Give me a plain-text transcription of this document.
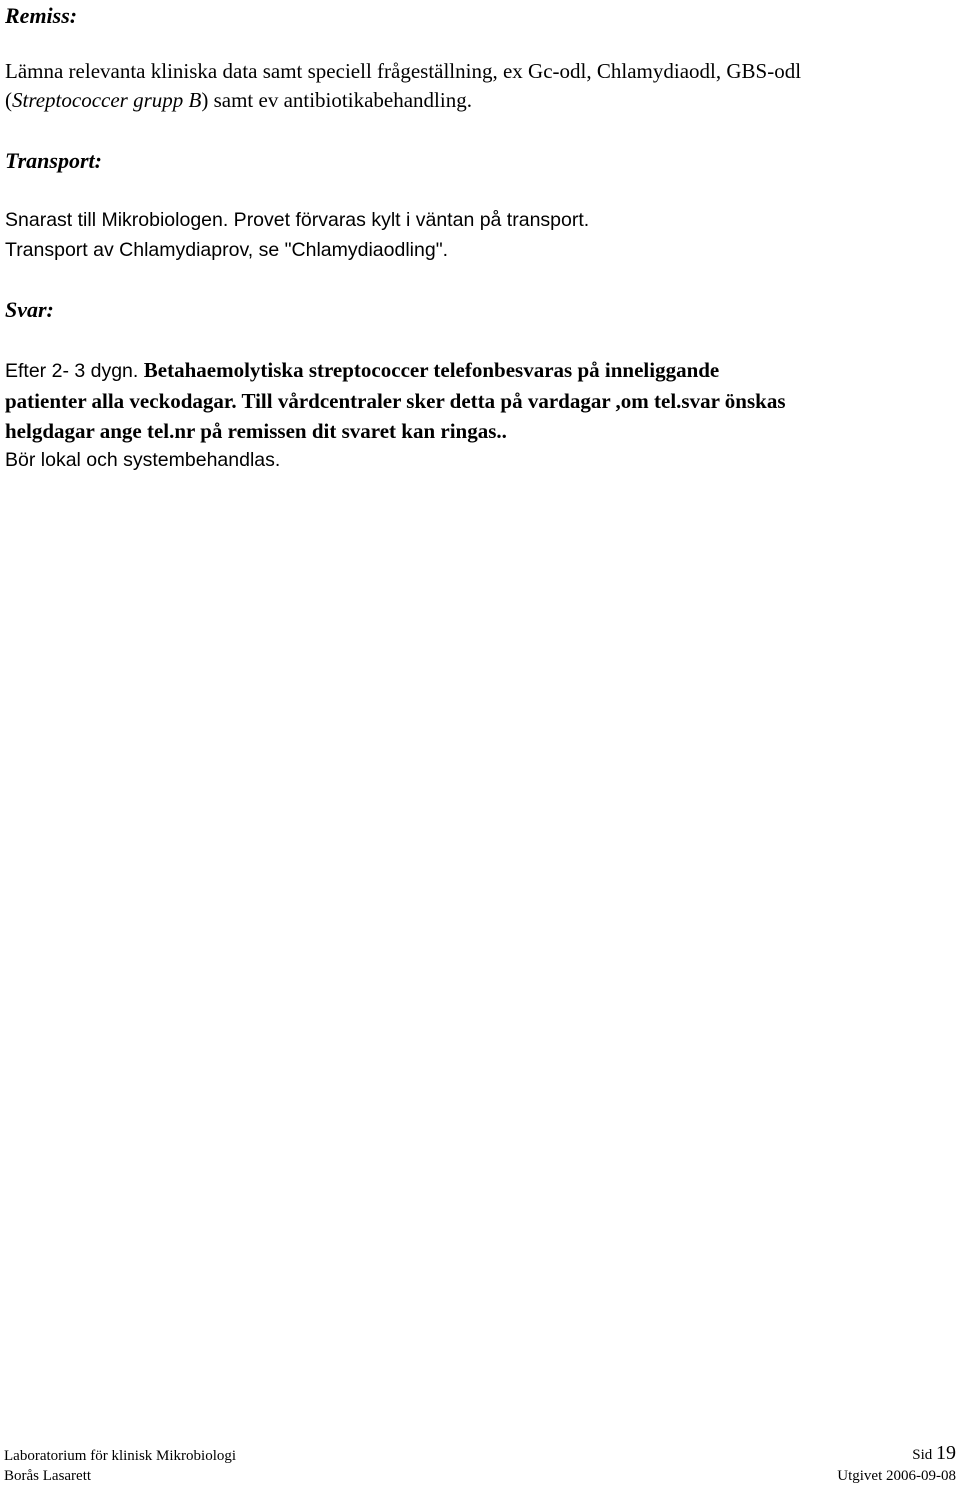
Remiss:
Lämna relevanta kliniska data samt speciell frågeställning, ex Gc-odl, Chlamydiaodl, GBS-odl
(Streptococcer grupp B) samt ev antibiotikabehandling.
Transport:
Snarast till Mikrobiologen. Provet förvaras kylt i väntan på transport.
Transport av Chlamydiaprov, se "Chlamydiaodling".
Svar:
Efter 2- 3 dygn. Betahaemolytiska streptococcer telefonbesvaras på inneliggande
patienter alla veckodagar. Till vårdcentraler sker detta på vardagar ,om tel.svar önskas
helgdagar ange tel.nr på remissen dit svaret kan ringas..
Bör lokal och systembehandlas.
Laboratorium för klinisk Mikrobiologi
Borås Lasarett
Sid 19
Utgivet 2006-09-08
